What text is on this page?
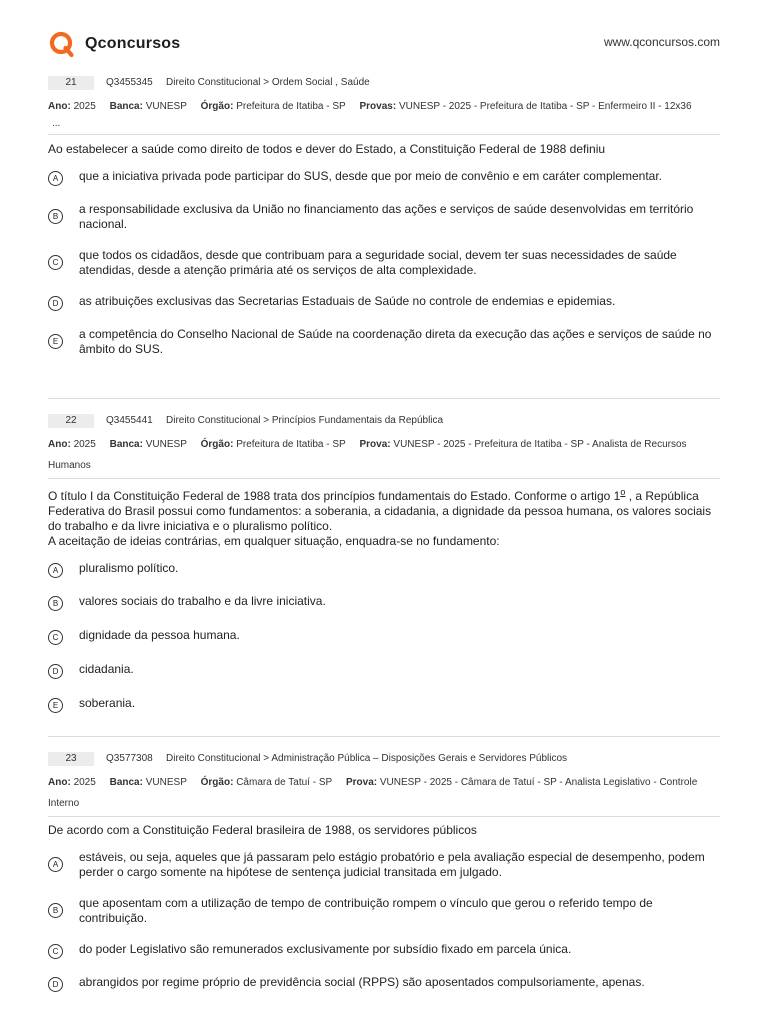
Qconcursos	www.qconcursos.com
21	Q3455345 Direito Constitucional > Ordem Social , Saúde
Ano: 2025 Banca: VUNESP Órgão: Prefeitura de Itatiba - SP Provas: VUNESP - 2025 - Prefeitura de Itatiba - SP - Enfermeiro II - 12x36
...
Ao estabelecer a saúde como direito de todos e dever do Estado, a Constituição Federal de 1988 definiu
A	que a iniciativa privada pode participar do SUS, desde que por meio de convênio e em caráter complementar.
B
a responsabilidade exclusiva da União no financiamento das ações e serviços de saúde desenvolvidas em território nacional.
C
que todos os cidadãos, desde que contribuam para a seguridade social, devem ter suas necessidades de saúde atendidas, desde a atenção primária até os serviços de alta complexidade.
D	as atribuições exclusivas das Secretarias Estaduais de Saúde no controle de endemias e epidemias.
E
a competência do Conselho Nacional de Saúde na coordenação direta da execução das ações e serviços de saúde no âmbito do SUS.
22	Q3455441 Direito Constitucional > Princípios Fundamentais da República
Ano: 2025 Banca: VUNESP Órgão: Prefeitura de Itatiba - SP Prova: VUNESP - 2025 - Prefeitura de Itatiba - SP - Analista de Recursos Humanos
O título I da Constituição Federal de 1988 trata dos princípios fundamentais do Estado. Conforme o artigo 1$^o$ , a República Federativa do Brasil possui como fundamentos: a soberania, a cidadania, a dignidade da pessoa humana, os valores sociais do trabalho e da livre iniciativa e o pluralismo político.
A aceitação de ideias contrárias, em qualquer situação, enquadra-se no fundamento:
A	pluralismo político.
B	valores sociais do trabalho e da livre iniciativa.
C	dignidade da pessoa humana.
D	cidadania.
E	soberania.
23	Q3577308 Direito Constitucional > Administração Pública – Disposições Gerais e Servidores Públicos
Ano: 2025 Banca: VUNESP Órgão: Câmara de Tatuí - SP Prova: VUNESP - 2025 - Câmara de Tatuí - SP - Analista Legislativo - Controle Interno
De acordo com a Constituição Federal brasileira de 1988, os servidores públicos
A
estáveis, ou seja, aqueles que já passaram pelo estágio probatório e pela avaliação especial de desempenho, podem perder o cargo somente na hipótese de sentença judicial transitada em julgado.
B
que aposentam com a utilização de tempo de contribuição rompem o vínculo que gerou o referido tempo de contribuição.
C	do poder Legislativo são remunerados exclusivamente por subsídio fixado em parcela única.
D	abrangidos por regime próprio de previdência social (RPPS) são aposentados compulsoriamente, apenas.
